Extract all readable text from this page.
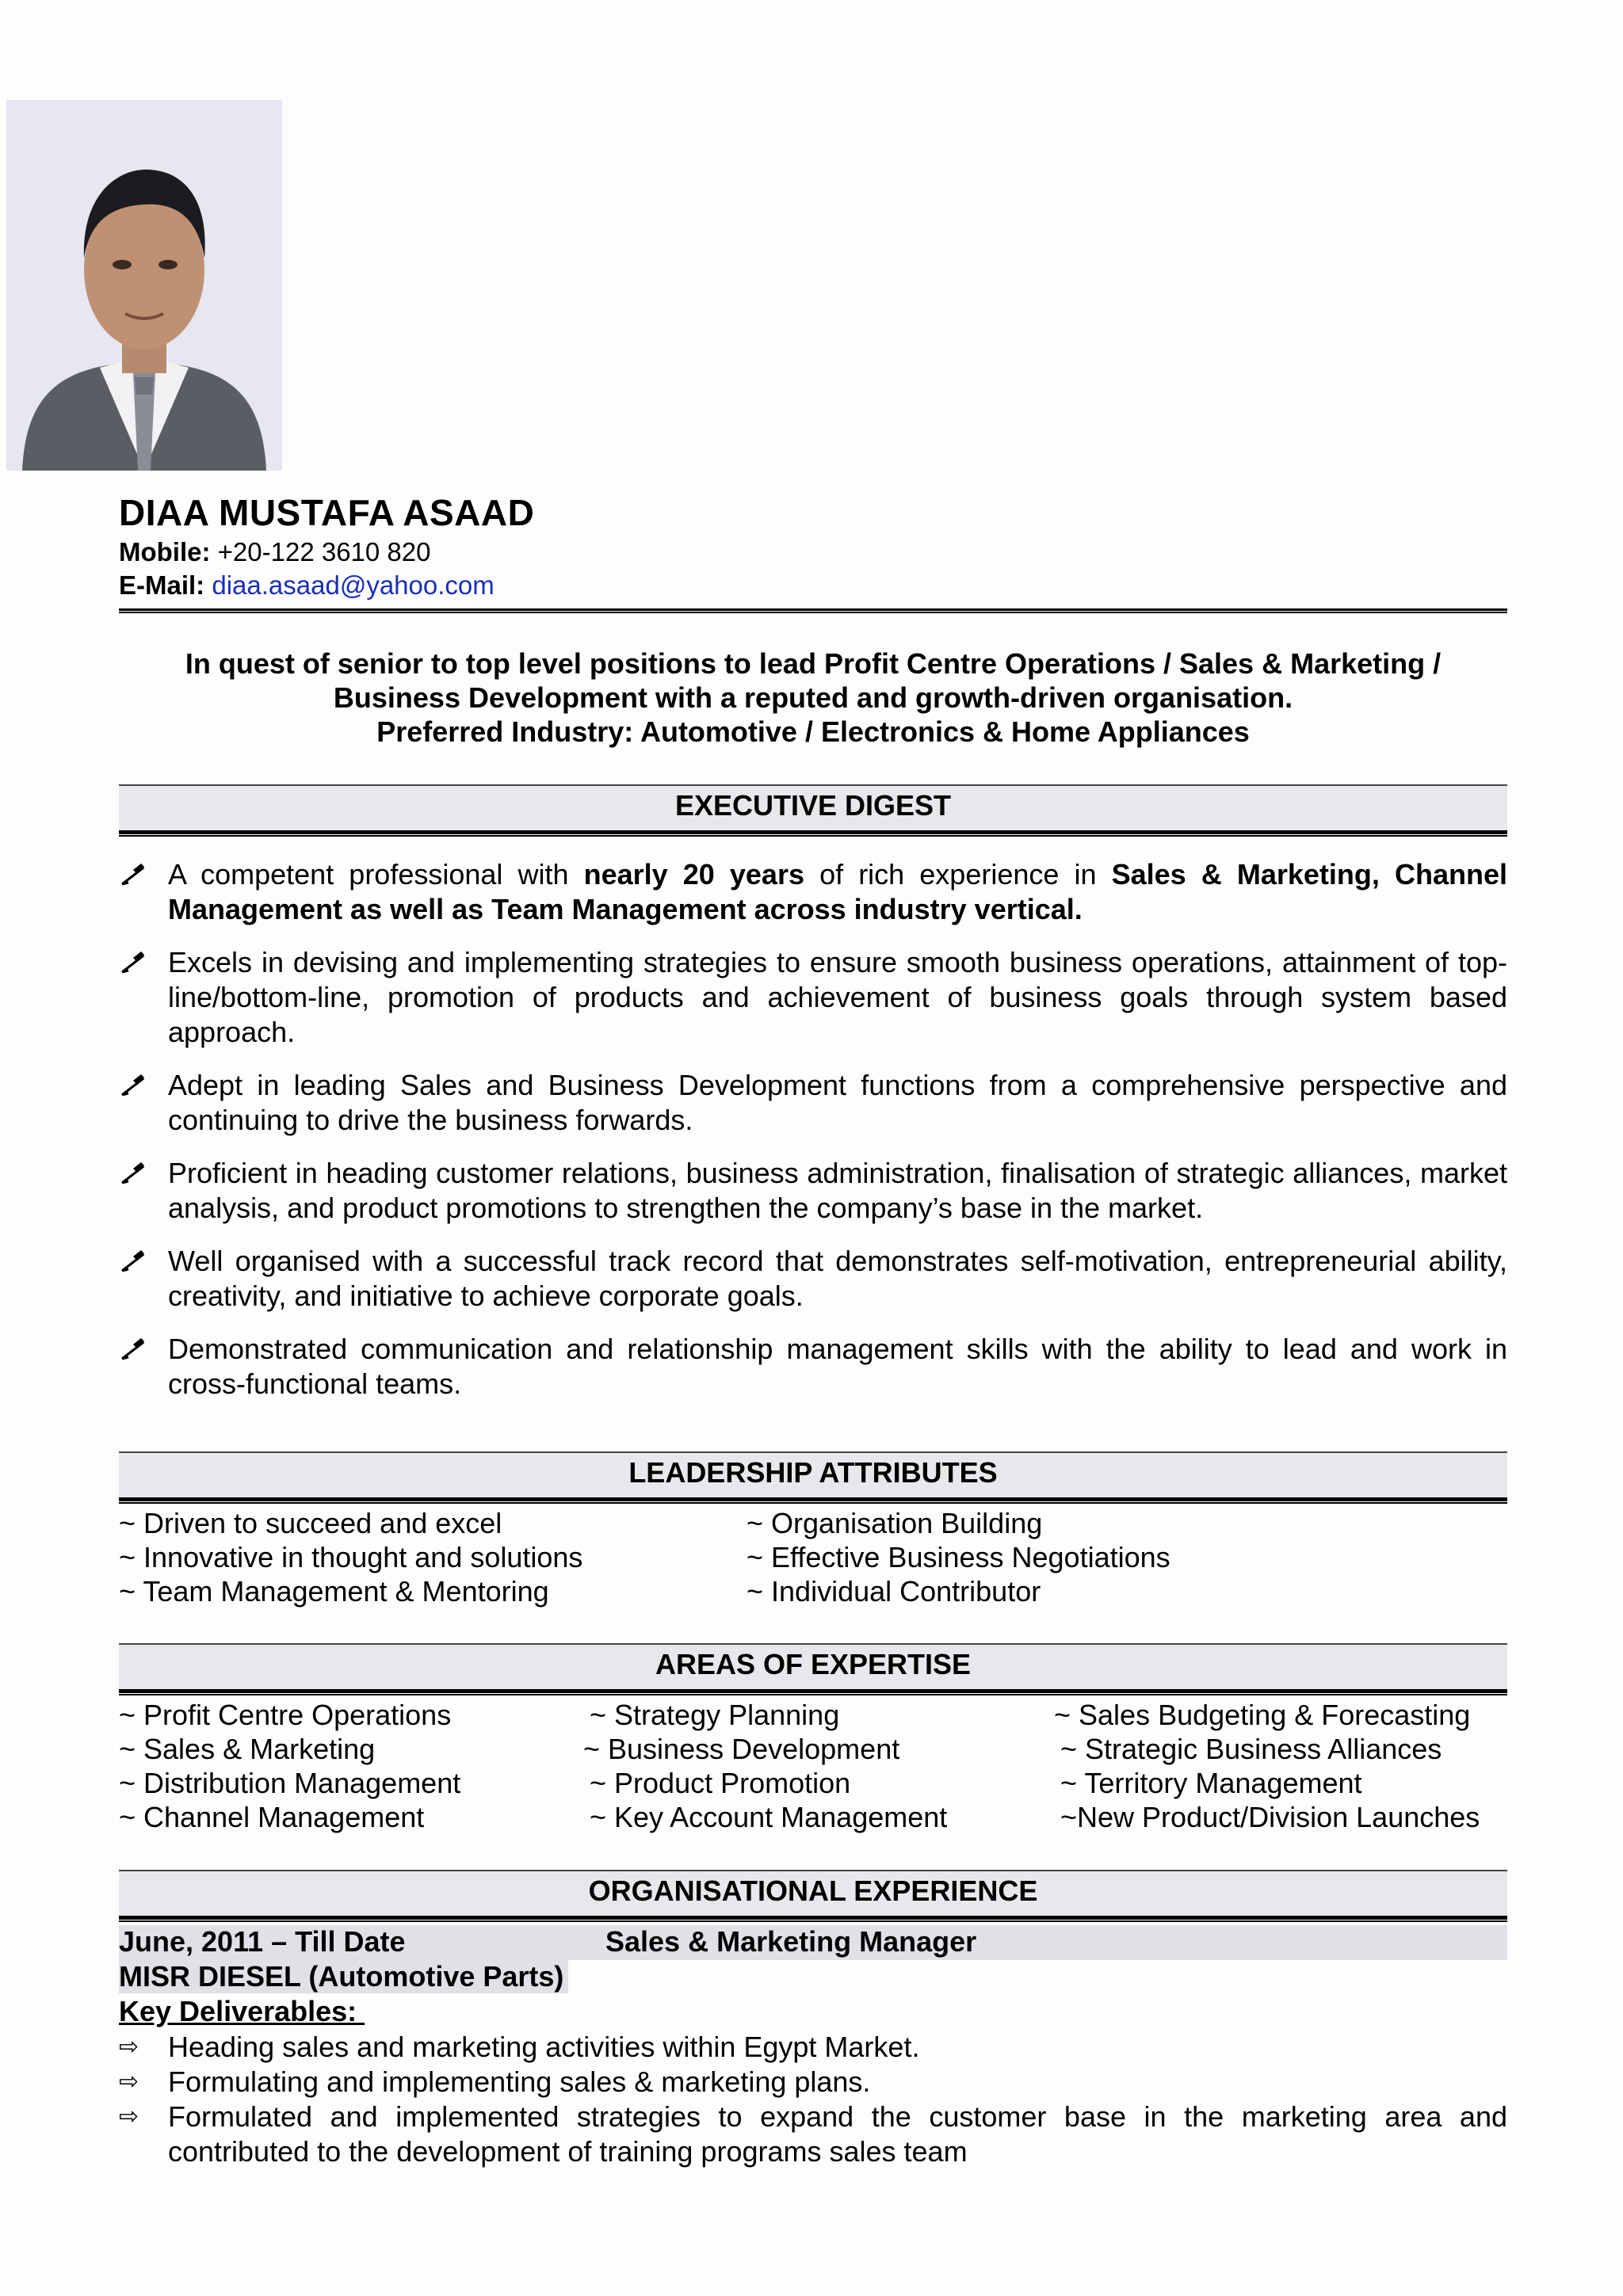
DIAA MUSTAFA ASAAD
Mobile: +20-122 3610 820
E-Mail: diaa.asaad@yahoo.com
In quest of senior to top level positions to lead Profit Centre Operations / Sales & Marketing /
Business Development with a reputed and growth-driven organisation.
Preferred Industry: Automotive / Electronics & Home Appliances
EXECUTIVE DIGEST
A competent professional with nearly 20 years of rich experience in Sales & Marketing, Channel Management as well as Team Management across industry vertical.
Excels in devising and implementing strategies to ensure smooth business operations, attainment of top-line/bottom-line, promotion of products and achievement of business goals through system based approach.
Adept in leading Sales and Business Development functions from a comprehensive perspective and continuing to drive the business forwards.
Proficient in heading customer relations, business administration, finalisation of strategic alliances, market analysis, and product promotions to strengthen the company’s base in the market.
Well organised with a successful track record that demonstrates self-motivation, entrepreneurial ability, creativity, and initiative to achieve corporate goals.
Demonstrated communication and relationship management skills with the ability to lead and work in cross-functional teams.
LEADERSHIP ATTRIBUTES
~ Driven to succeed and excel
~ Innovative in thought and solutions
~ Team Management & Mentoring
~ Organisation Building
~ Effective Business Negotiations
~ Individual Contributor
AREAS OF EXPERTISE
~ Profit Centre Operations
~ Sales & Marketing
~ Distribution Management
~ Channel Management
~ Strategy Planning
~ Business Development
~ Product Promotion
~ Key Account Management
~ Sales Budgeting & Forecasting
~ Strategic Business Alliances
~ Territory Management
~New Product/Division Launches
ORGANISATIONAL EXPERIENCE
June, 2011 – Till Date	Sales & Marketing Manager
MISR DIESEL (Automotive Parts)
Key Deliverables:
⇨ Heading sales and marketing activities within Egypt Market.
⇨ Formulating and implementing sales & marketing plans.
⇨ Formulated and implemented strategies to expand the customer base in the marketing area and contributed to the development of training programs sales team
